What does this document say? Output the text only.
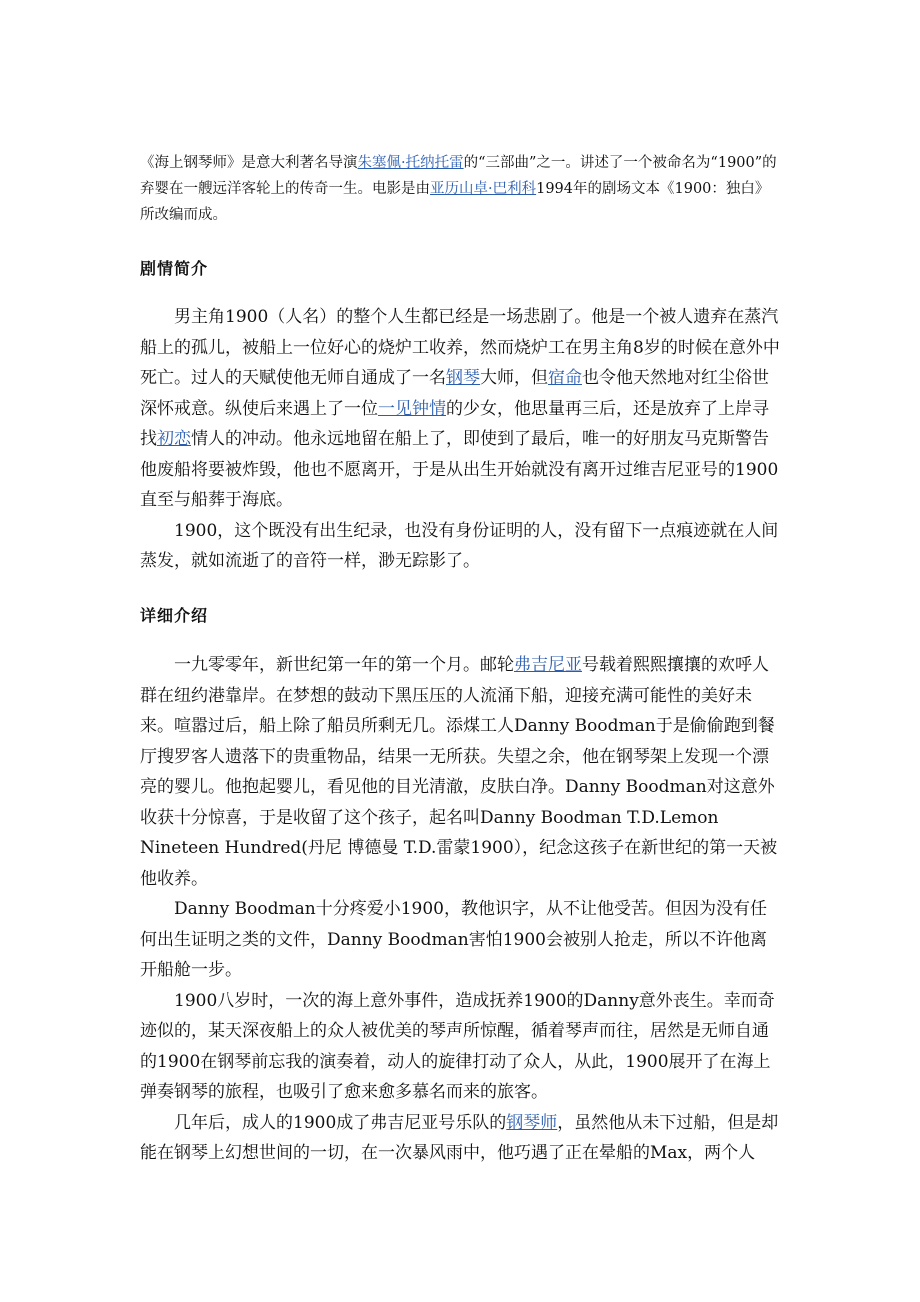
《海上钢琴师》是意大利著名导演朱塞佩·托纳托雷的“三部曲”之一。讲述了一个被命名为“1900”的弃婴在一艘远洋客轮上的传奇一生。电影是由亚历山卓·巴利科1994年的剧场文本《1900：独白》所改编而成。

剧情简介

男主角1900（人名）的整个人生都已经是一场悲剧了。他是一个被人遗弃在蒸汽船上的孤儿，被船上一位好心的烧炉工收养，然而烧炉工在男主角8岁的时候在意外中死亡。过人的天赋使他无师自通成了一名钢琴大师，但宿命也令他天然地对红尘俗世深怀戒意。纵使后来遇上了一位一见钟情的少女，他思量再三后，还是放弃了上岸寻找初恋情人的冲动。他永远地留在船上了，即使到了最后，唯一的好朋友马克斯警告他废船将要被炸毁，他也不愿离开，于是从出生开始就没有离开过维吉尼亚号的1900直至与船葬于海底。

1900，这个既没有出生纪录，也没有身份证明的人，没有留下一点痕迹就在人间蒸发，就如流逝了的音符一样，渺无踪影了。

详细介绍

一九零零年，新世纪第一年的第一个月。邮轮弗吉尼亚号载着熙熙攘攘的欢呼人群在纽约港靠岸。在梦想的鼓动下黑压压的人流涌下船，迎接充满可能性的美好未来。喧嚣过后，船上除了船员所剩无几。添煤工人Danny Boodman于是偷偷跑到餐厅搜罗客人遗落下的贵重物品，结果一无所获。失望之余，他在钢琴架上发现一个漂亮的婴儿。他抱起婴儿，看见他的目光清澈，皮肤白净。Danny Boodman对这意外收获十分惊喜，于是收留了这个孩子，起名叫Danny Boodman T.D.Lemon Nineteen Hundred(丹尼 博德曼 T.D.雷蒙1900），纪念这孩子在新世纪的第一天被他收养。

Danny Boodman十分疼爱小1900，教他识字，从不让他受苦。但因为没有任何出生证明之类的文件，Danny Boodman害怕1900会被别人抢走，所以不许他离开船舱一步。

1900八岁时，一次的海上意外事件，造成抚养1900的Danny意外丧生。幸而奇迹似的，某天深夜船上的众人被优美的琴声所惊醒，循着琴声而往，居然是无师自通的1900在钢琴前忘我的演奏着，动人的旋律打动了众人，从此，1900展开了在海上弹奏钢琴的旅程，也吸引了愈来愈多慕名而来的旅客。

几年后，成人的1900成了弗吉尼亚号乐队的钢琴师，虽然他从未下过船，但是却能在钢琴上幻想世间的一切，在一次暴风雨中，他巧遇了正在晕船的Max，两个人
